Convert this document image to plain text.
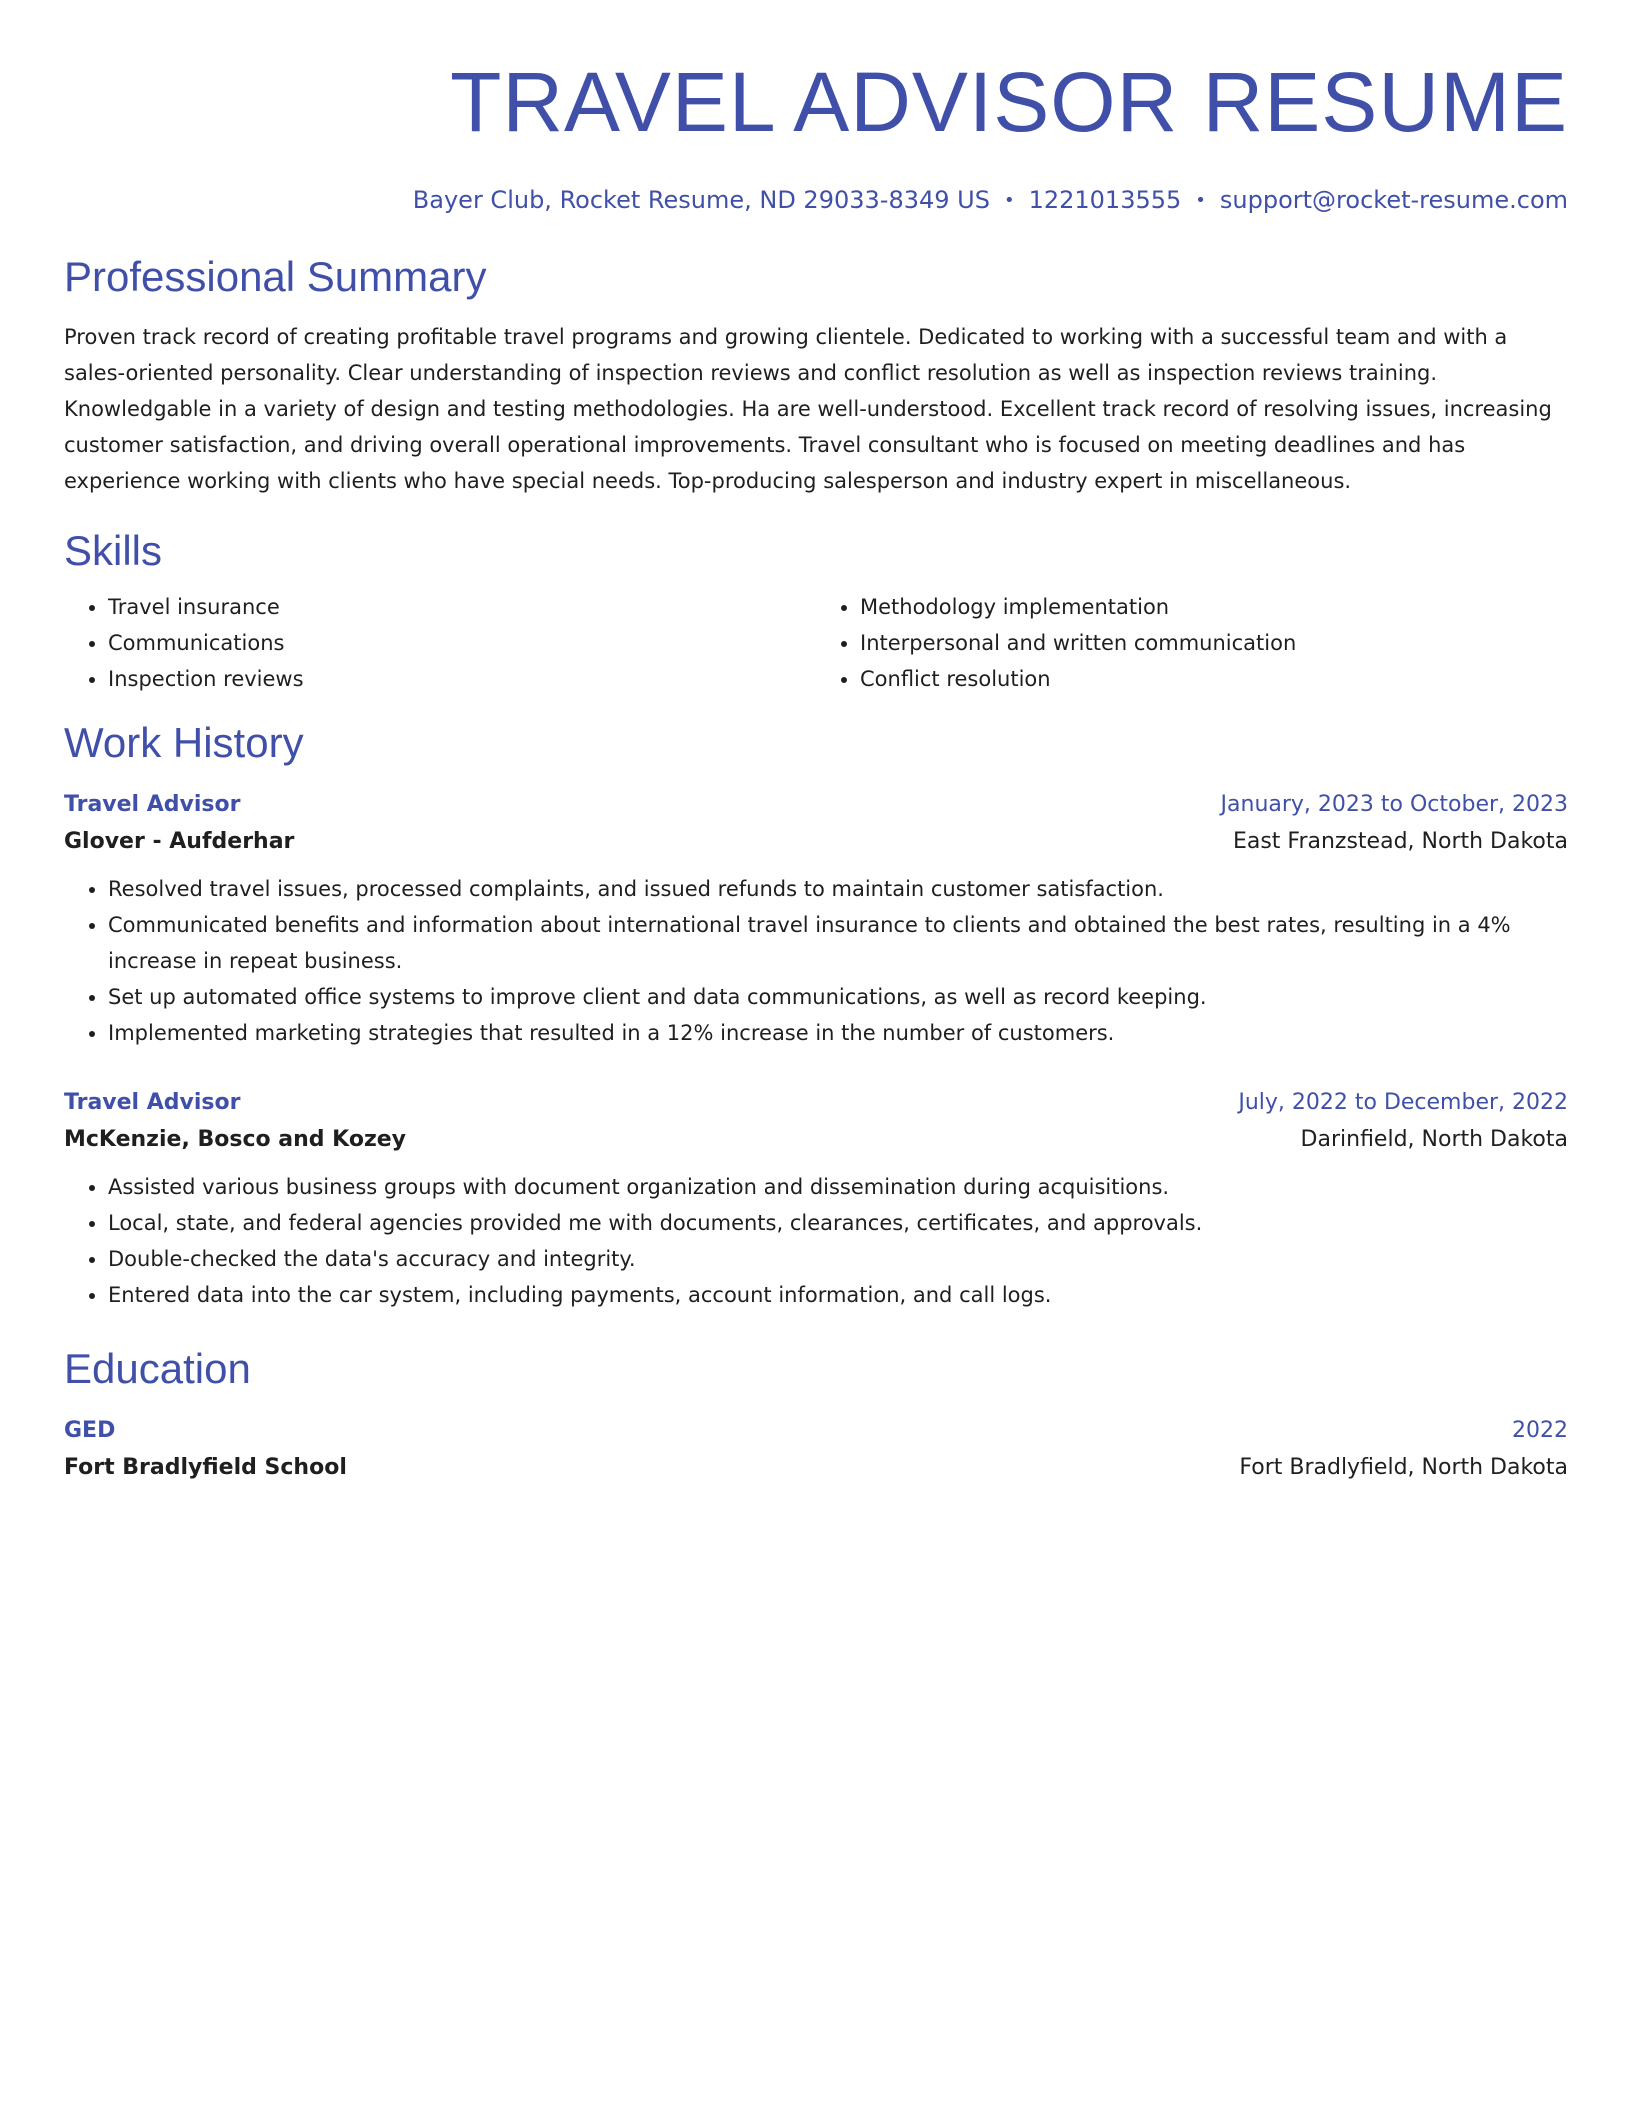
TRAVEL ADVISOR RESUME
Bayer Club, Rocket Resume, ND 29033-8349 US • 1221013555 • support@rocket-resume.com
Professional Summary

Proven track record of creating profitable travel programs and growing clientele. Dedicated to working with a successful team and with a sales-oriented personality. Clear understanding of inspection reviews and conflict resolution as well as inspection reviews training. Knowledgable in a variety of design and testing methodologies. Ha are well-understood. Excellent track record of resolving issues, increasing customer satisfaction, and driving overall operational improvements. Travel consultant who is focused on meeting deadlines and has experience working with clients who have special needs. Top-producing salesperson and industry expert in miscellaneous.

Skills
• Travel insurance
• Communications
• Inspection reviews
• Methodology implementation
• Interpersonal and written communication
• Conflict resolution
Work History
Travel Advisor	January, 2023 to October, 2023
Glover - Aufderhar	East Franzstead, North Dakota
• Resolved travel issues, processed complaints, and issued refunds to maintain customer satisfaction.
• Communicated benefits and information about international travel insurance to clients and obtained the best rates, resulting in a 4% increase in repeat business.
• Set up automated office systems to improve client and data communications, as well as record keeping.
• Implemented marketing strategies that resulted in a 12% increase in the number of customers.
Travel Advisor	July, 2022 to December, 2022
McKenzie, Bosco and Kozey	Darinfield, North Dakota
• Assisted various business groups with document organization and dissemination during acquisitions.
• Local, state, and federal agencies provided me with documents, clearances, certificates, and approvals.
• Double-checked the data's accuracy and integrity.
• Entered data into the car system, including payments, account information, and call logs.
Education
GED	2022
Fort Bradlyfield School	Fort Bradlyfield, North Dakota
